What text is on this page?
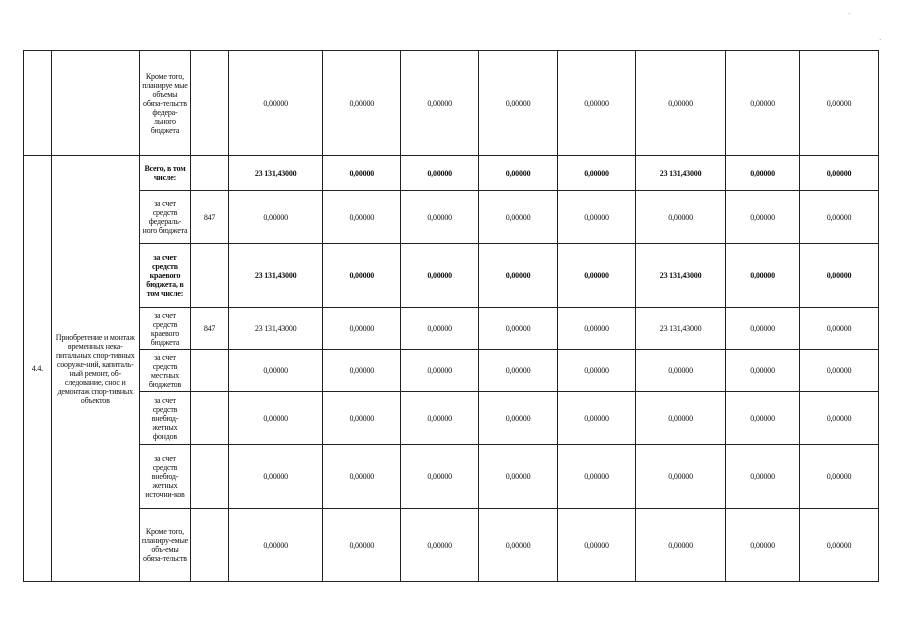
·
·
		Кроме того, планируе мые объемы обяза-тельств федера-льного бюджета		0,00000	0,00000	0,00000	0,00000	0,00000	0,00000	0,00000	0,00000
4.4.	Приобретение и монтаж временных нека-питальных спор-тивных сооруже-ний, капиталь-ный ремонт, об-следование, снос и демонтаж спор-тивных объектов	Всего, в том числе:		23 131,43000	0,00000	0,00000	0,00000	0,00000	23 131,43000	0,00000	0,00000
		за счет средств федераль-ного бюджета	847	0,00000	0,00000	0,00000	0,00000	0,00000	0,00000	0,00000	0,00000
		за счет средств краевого бюджета, в том числе:		23 131,43000	0,00000	0,00000	0,00000	0,00000	23 131,43000	0,00000	0,00000
		за счет средств краевого бюджета	847	23 131,43000	0,00000	0,00000	0,00000	0,00000	23 131,43000	0,00000	0,00000
		за счет средств местных бюджетов		0,00000	0,00000	0,00000	0,00000	0,00000	0,00000	0,00000	0,00000
		за счет средств внебюд-жетных фондов		0,00000	0,00000	0,00000	0,00000	0,00000	0,00000	0,00000	0,00000
		за счет средств внебюд-жетных источни-ков		0,00000	0,00000	0,00000	0,00000	0,00000	0,00000	0,00000	0,00000
		Кроме того, планиру-емые объ-емы обяза-тельств		0,00000	0,00000	0,00000	0,00000	0,00000	0,00000	0,00000	0,00000
